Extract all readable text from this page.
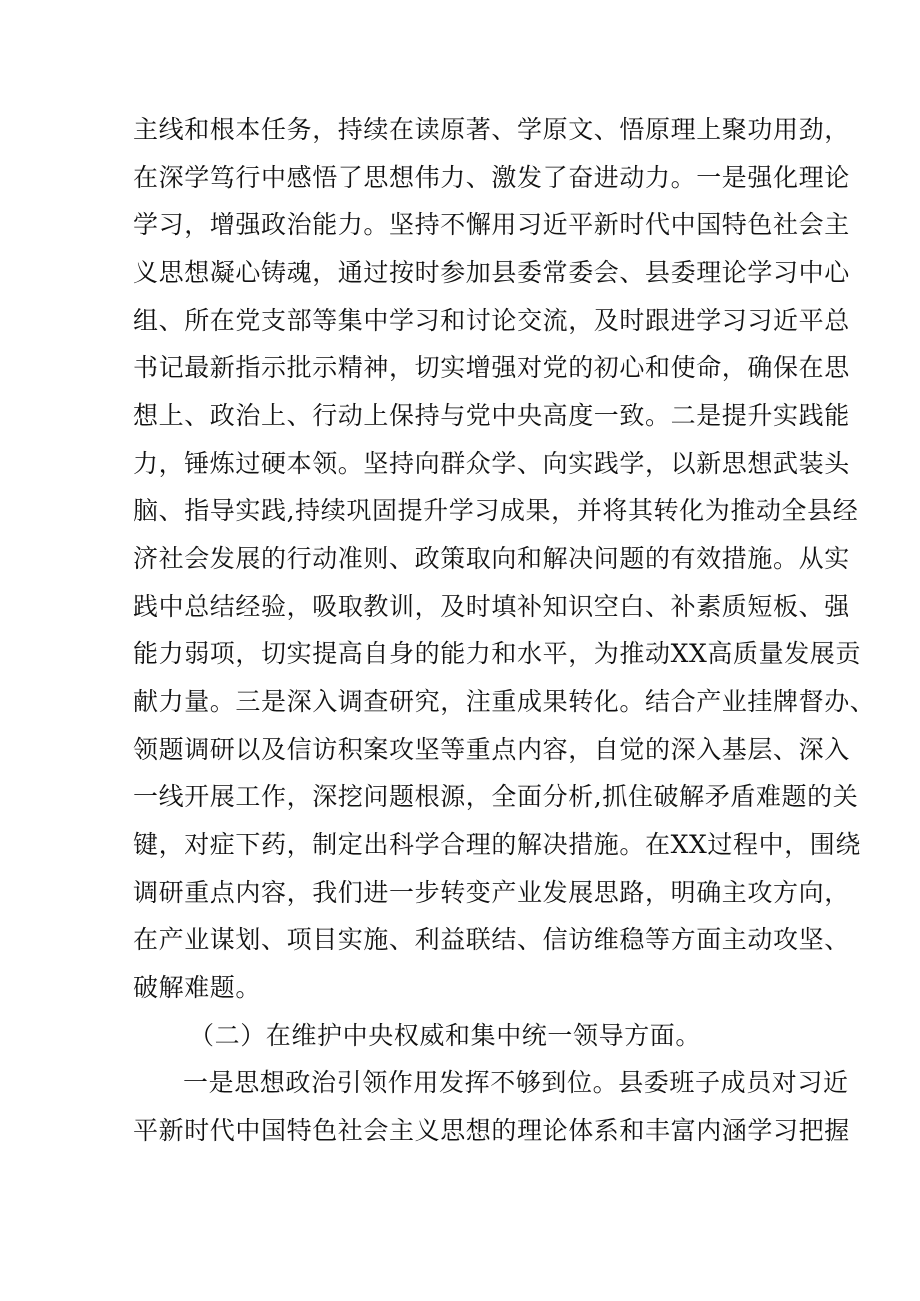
主线和根本任务，持续在读原著、学原文、悟原理上聚功用劲，
在深学笃行中感悟了思想伟力、激发了奋进动力。一是强化理论
学习，增强政治能力。坚持不懈用习近平新时代中国特色社会主
义思想凝心铸魂，通过按时参加县委常委会、县委理论学习中心
组、所在党支部等集中学习和讨论交流，及时跟进学习习近平总
书记最新指示批示精神，切实增强对党的初心和使命，确保在思
想上、政治上、行动上保持与党中央高度一致。二是提升实践能
力，锤炼过硬本领。坚持向群众学、向实践学，以新思想武装头
脑、指导实践,持续巩固提升学习成果，并将其转化为推动全县经
济社会发展的行动准则、政策取向和解决问题的有效措施。从实
践中总结经验，吸取教训，及时填补知识空白、补素质短板、强
能力弱项，切实提高自身的能力和水平，为推动XX高质量发展贡
献力量。三是深入调查研究，注重成果转化。结合产业挂牌督办、
领题调研以及信访积案攻坚等重点内容，自觉的深入基层、深入
一线开展工作，深挖问题根源，全面分析,抓住破解矛盾难题的关
键，对症下药，制定出科学合理的解决措施。在XX过程中，围绕
调研重点内容，我们进一步转变产业发展思路，明确主攻方向，
在产业谋划、项目实施、利益联结、信访维稳等方面主动攻坚、
破解难题。
（二）在维护中央权威和集中统一领导方面。
一是思想政治引领作用发挥不够到位。县委班子成员对习近
平新时代中国特色社会主义思想的理论体系和丰富内涵学习把握
